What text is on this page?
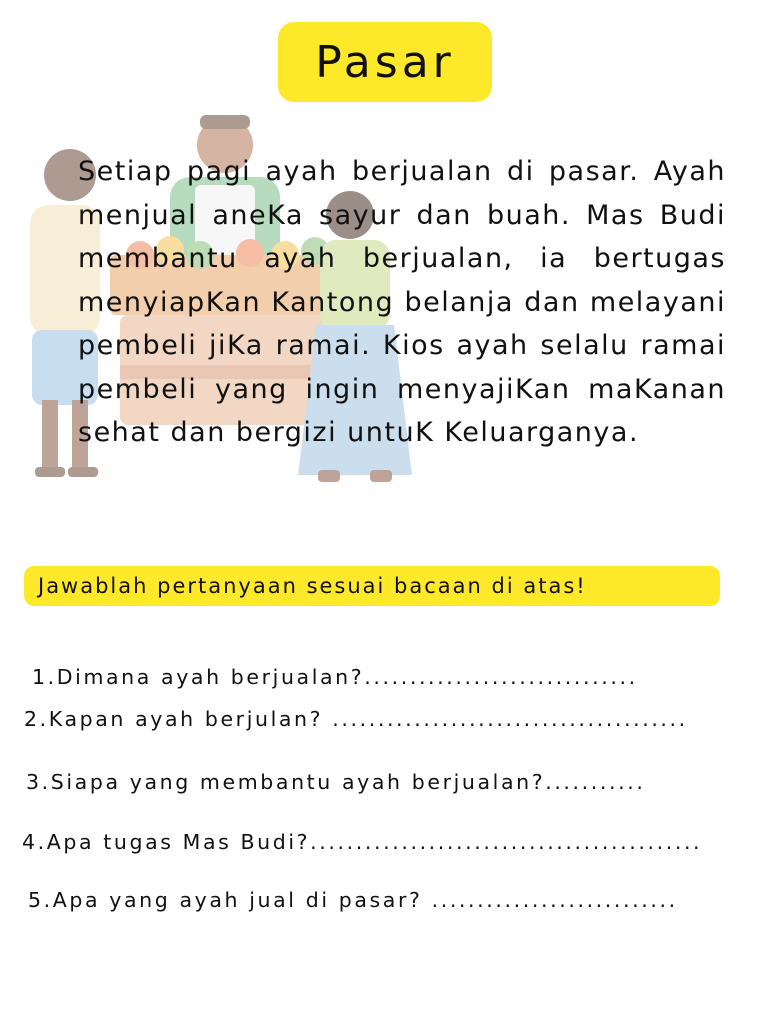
Pasar

Setiap pagi ayah berjualan di pasar. Ayah menjual aneKa sayur dan buah. Mas Budi membantu ayah berjualan, ia bertugas menyiapKan Kantong belanja dan melayani pembeli jiKa ramai. Kios ayah selalu ramai pembeli yang ingin menyajiKan maKanan sehat dan bergizi untuK Keluarganya.

Jawablah pertanyaan sesuai bacaan di atas!
1.Dimana ayah berjualan?..............................
2.Kapan ayah berjulan? .......................................
3.Siapa yang membantu ayah berjualan?...........
4.Apa tugas Mas Budi?...........................................
5.Apa yang ayah jual di pasar? ...........................
